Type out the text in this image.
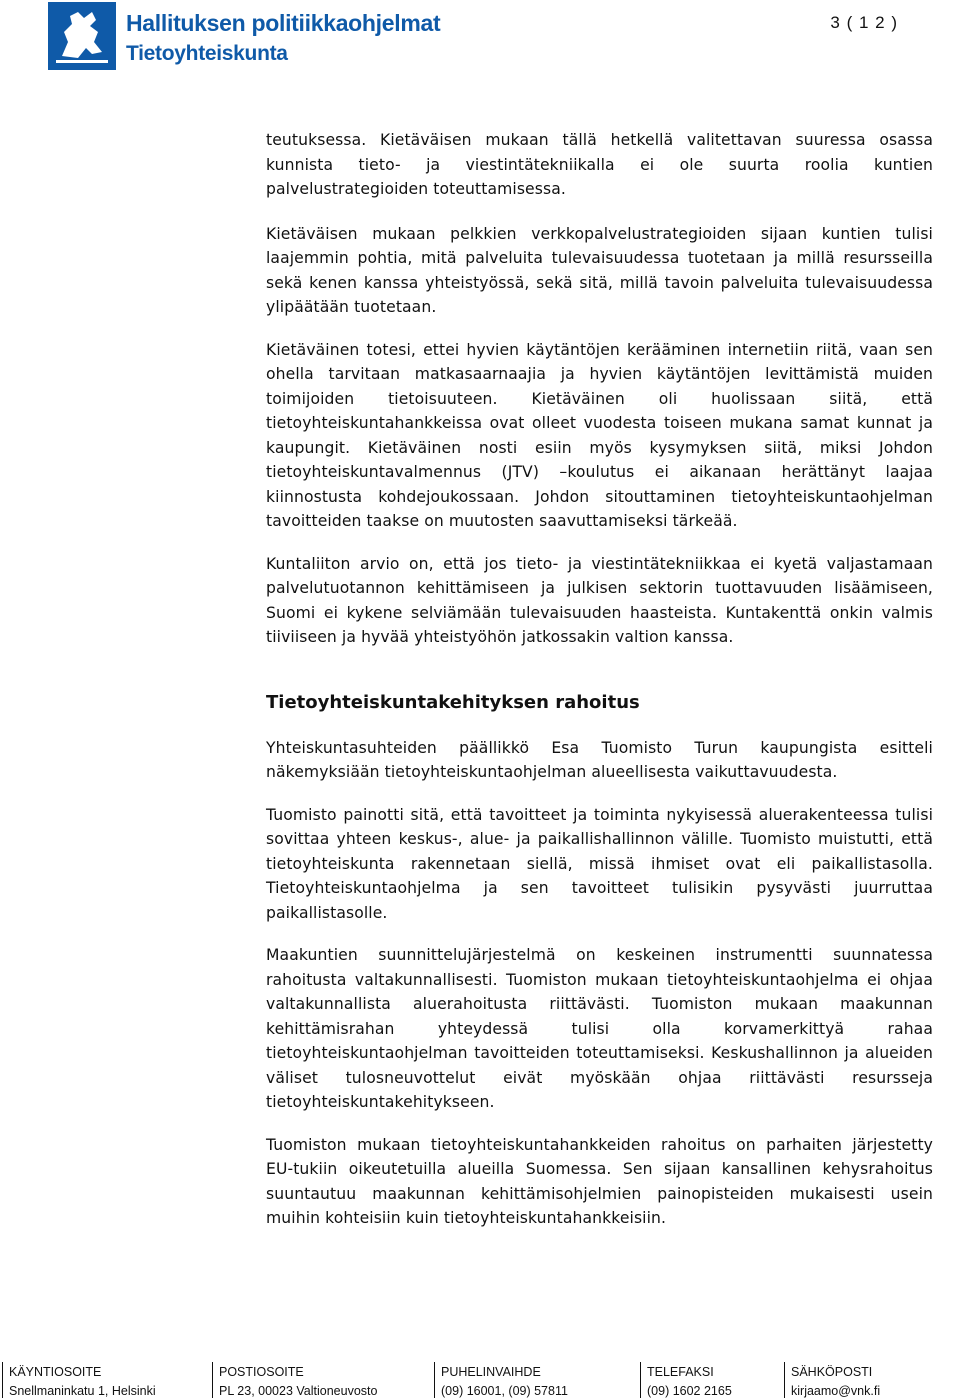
Hallituksen politiikkaohjelmat
Tietoyhteiskunta
3 ( 1 2 )

teutuksessa. Kietäväisen mukaan tällä hetkellä valitettavan suuressa osassa kunnista tieto- ja viestintätekniikalla ei ole suurta roolia kuntien palvelustrategioiden toteuttamisessa.

Kietäväisen mukaan pelkkien verkkopalvelustrategioiden sijaan kuntien tulisi laajemmin pohtia, mitä palveluita tulevaisuudessa tuotetaan ja millä resursseilla sekä kenen kanssa yhteistyössä, sekä sitä, millä tavoin palveluita tulevaisuudessa ylipäätään tuotetaan.

Kietäväinen totesi, ettei hyvien käytäntöjen kerääminen internetiin riitä, vaan sen ohella tarvitaan matkasaarnaajia ja hyvien käytäntöjen levittämistä muiden toimijoiden tietoisuuteen. Kietäväinen oli huolissaan siitä, että tietoyhteiskuntahankkeissa ovat olleet vuodesta toiseen mukana samat kunnat ja kaupungit. Kietäväinen nosti esiin myös kysymyksen siitä, miksi Johdon tietoyhteiskuntavalmennus (JTV) –koulutus ei aikanaan herättänyt laajaa kiinnostusta kohdejoukossaan. Johdon sitouttaminen tietoyhteiskuntaohjelman tavoitteiden taakse on muutosten saavuttamiseksi tärkeää.

Kuntaliiton arvio on, että jos tieto- ja viestintätekniikkaa ei kyetä valjastamaan palvelutuotannon kehittämiseen ja julkisen sektorin tuottavuuden lisäämiseen, Suomi ei kykene selviämään tulevaisuuden haasteista. Kuntakenttä onkin valmis tiiviiseen ja hyvää yhteistyöhön jatkossakin valtion kanssa.

Tietoyhteiskuntakehityksen rahoitus

Yhteiskuntasuhteiden päällikkö Esa Tuomisto Turun kaupungista esitteli näkemyksiään tietoyhteiskuntaohjelman alueellisesta vaikuttavuudesta.

Tuomisto painotti sitä, että tavoitteet ja toiminta nykyisessä aluerakenteessa tulisi sovittaa yhteen keskus-, alue- ja paikallishallinnon välille. Tuomisto muistutti, että tietoyhteiskunta rakennetaan siellä, missä ihmiset ovat eli paikallistasolla. Tietoyhteiskuntaohjelma ja sen tavoitteet tulisikin pysyvästi juurruttaa paikallistasolle.

Maakuntien suunnittelujärjestelmä on keskeinen instrumentti suunnatessa rahoitusta valtakunnallisesti. Tuomiston mukaan tietoyhteiskuntaohjelma ei ohjaa valtakunnallista aluerahoitusta riittävästi. Tuomiston mukaan maakunnan kehittämisrahan yhteydessä tulisi olla korvamerkittyä rahaa tietoyhteiskuntaohjelman tavoitteiden toteuttamiseksi. Keskushallinnon ja alueiden väliset tulosneuvottelut eivät myöskään ohjaa riittävästi resursseja tietoyhteiskuntakehitykseen.

Tuomiston mukaan tietoyhteiskuntahankkeiden rahoitus on parhaiten järjestetty EU-tukiin oikeutetuilla alueilla Suomessa. Sen sijaan kansallinen kehysrahoitus suuntautuu maakunnan kehittämisohjelmien painopisteiden mukaisesti usein muihin kohteisiin kuin tietoyhteiskuntahankkeisiin.

KÄYNTIOSOITE
Snellmaninkatu 1, Helsinki
POSTIOSOITE
PL 23, 00023 Valtioneuvosto
PUHELINVAIHDE
(09) 16001, (09) 57811
TELEFAKSI
(09) 1602 2165
SÄHKÖPOSTI
kirjaamo@vnk.fi
